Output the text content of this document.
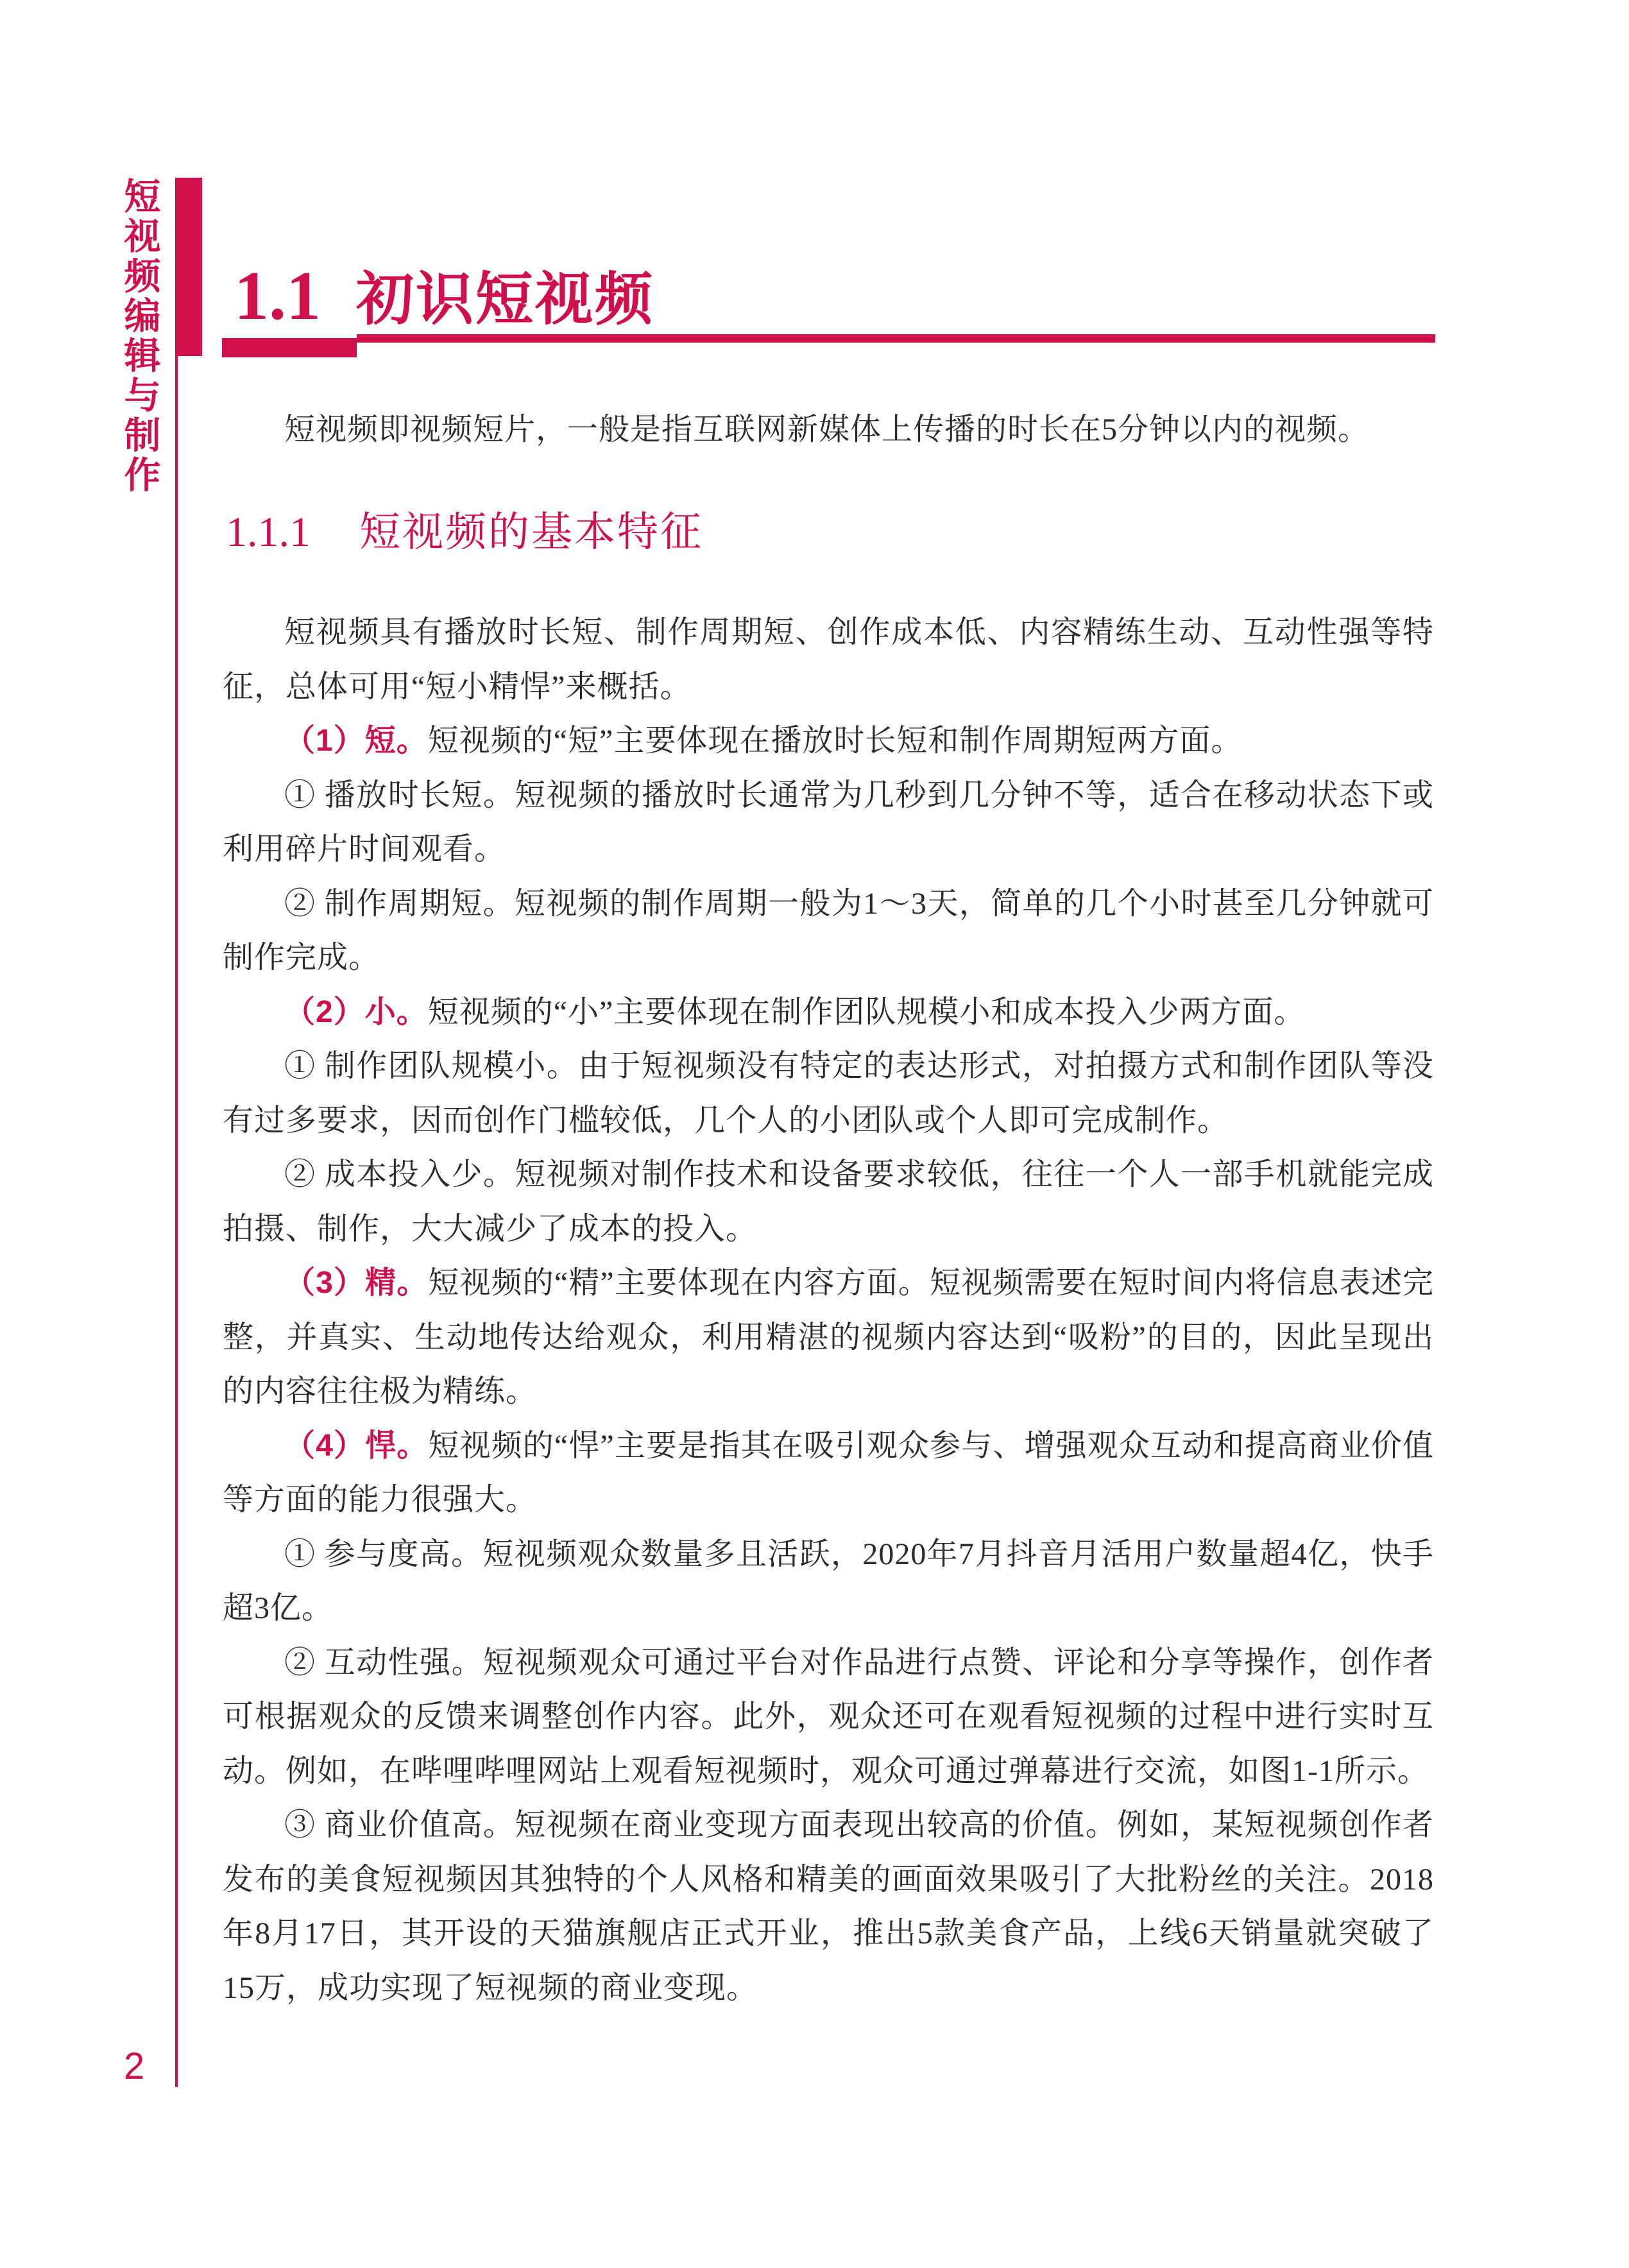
短视频编辑与制作
2
1.1 初识短视频

短视频即视频短片，一般是指互联网新媒体上传播的时长在5分钟以内的视频。

1.1.1 短视频的基本特征

短视频具有播放时长短、制作周期短、创作成本低、内容精练生动、互动性强等特征，总体可用“短小精悍”来概括。

（1）短。短视频的“短”主要体现在播放时长短和制作周期短两方面。

① 播放时长短。短视频的播放时长通常为几秒到几分钟不等，适合在移动状态下或利用碎片时间观看。

② 制作周期短。短视频的制作周期一般为1～3天，简单的几个小时甚至几分钟就可制作完成。

（2）小。短视频的“小”主要体现在制作团队规模小和成本投入少两方面。

① 制作团队规模小。由于短视频没有特定的表达形式，对拍摄方式和制作团队等没有过多要求，因而创作门槛较低，几个人的小团队或个人即可完成制作。

② 成本投入少。短视频对制作技术和设备要求较低，往往一个人一部手机就能完成拍摄、制作，大大减少了成本的投入。

（3）精。短视频的“精”主要体现在内容方面。短视频需要在短时间内将信息表述完整，并真实、生动地传达给观众，利用精湛的视频内容达到“吸粉”的目的，因此呈现出的内容往往极为精练。

（4）悍。短视频的“悍”主要是指其在吸引观众参与、增强观众互动和提高商业价值等方面的能力很强大。

① 参与度高。短视频观众数量多且活跃，2020年7月抖音月活用户数量超4亿，快手超3亿。

② 互动性强。短视频观众可通过平台对作品进行点赞、评论和分享等操作，创作者可根据观众的反馈来调整创作内容。此外，观众还可在观看短视频的过程中进行实时互动。例如，在哔哩哔哩网站上观看短视频时，观众可通过弹幕进行交流，如图1-1所示。

③ 商业价值高。短视频在商业变现方面表现出较高的价值。例如，某短视频创作者发布的美食短视频因其独特的个人风格和精美的画面效果吸引了大批粉丝的关注。2018年8月17日，其开设的天猫旗舰店正式开业，推出5款美食产品，上线6天销量就突破了15万，成功实现了短视频的商业变现。
